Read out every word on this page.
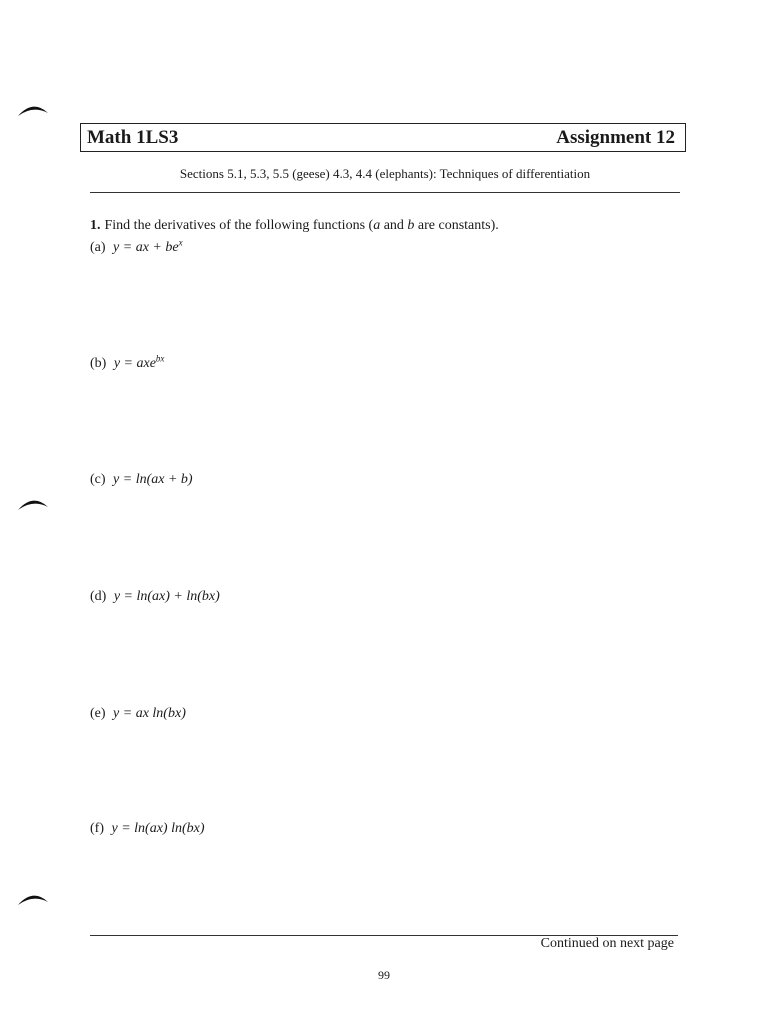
Math 1LS3	Assignment 12
Sections 5.1, 5.3, 5.5 (geese) 4.3, 4.4 (elephants): Techniques of differentiation
1. Find the derivatives of the following functions (a and b are constants).
(a) y = ax + $be^x$
(b) y = axe$^{bx}$
(c) y = ln(ax + b)
(d) y = ln(ax) + ln(bx)
(e) y = ax ln(bx)
(f) y = ln(ax) ln(bx)
Continued on next page
99
